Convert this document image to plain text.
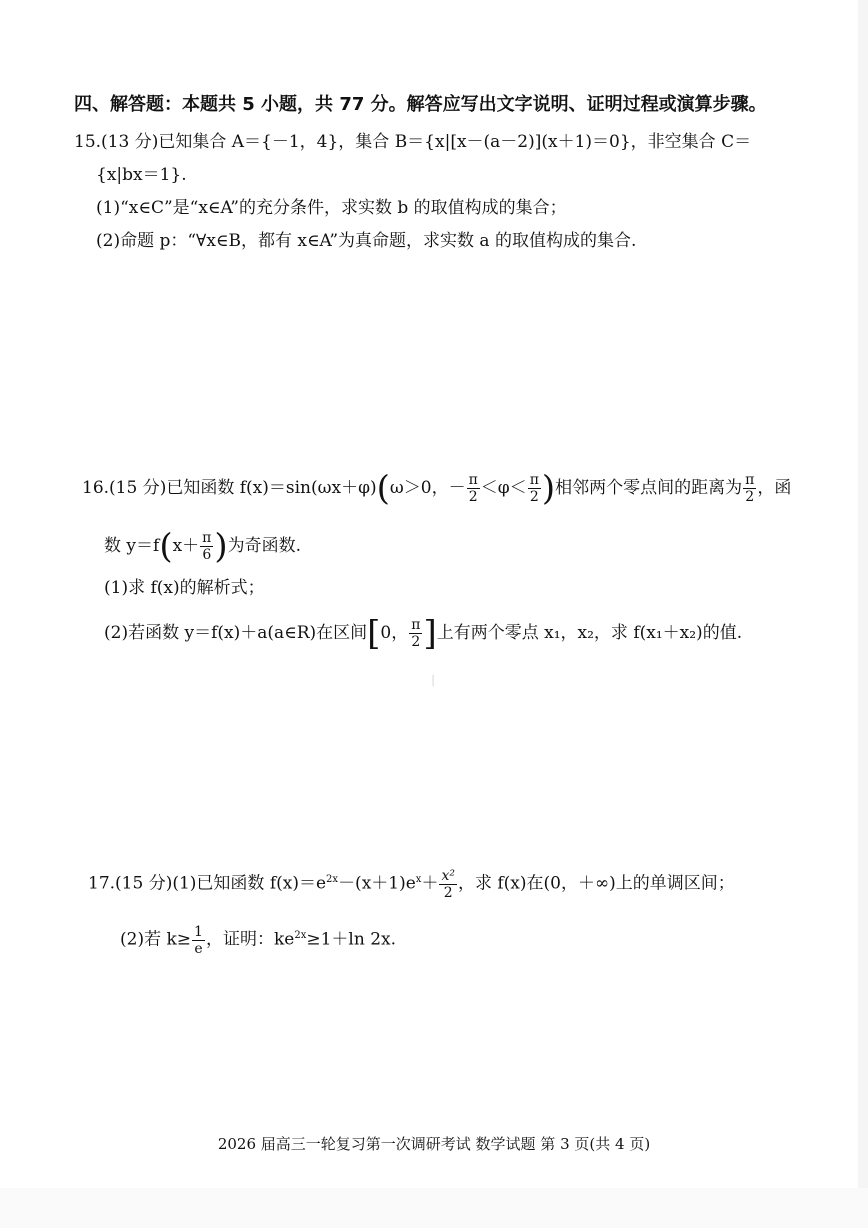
四、解答题：本题共 5 小题，共 77 分。解答应写出文字说明、证明过程或演算步骤。
15.(13 分)已知集合 A＝{－1，4}，集合 B＝{x|[x－(a－2)](x＋1)＝0}，非空集合 C＝
{x|bx＝1}.
(1)“x∈C”是“x∈A”的充分条件，求实数 b 的取值构成的集合；
(2)命题 p：“∀x∈B，都有 x∈A”为真命题，求实数 a 的取值构成的集合.
16.(15 分)已知函数 f(x)＝sin(ωx＋φ)(ω＞0，－ $\frac{\pi}{2} <\varphi< \frac{\pi}{2}$ )相邻两个零点间的距离为 $\frac{\pi}{2}$ ，函
数 $y=f(x+ \frac{\pi}{6}$ )为奇函数.
(1)求 f(x)的解析式；
(2)若函数 y＝f(x)＋a(a∈R)在区间[0， $\frac{\pi}{2}$ ]上有两个零点 x₁，x₂，求 f(x₁＋x₂)的值.
│
17.(15 分)(1)已知函数 $f(x)=e^{2x}-(x+1)e^x+ \frac{\text{x²}}{2}$ ，求 f(x)在(0，＋∞)上的单调区间；
(2)若 $k\ge \frac{1}{e}$ ，证明：$ke^{2x}\ge 1+\ln$ 2x.
2026 届高三一轮复习第一次调研考试 数学试题 第 3 页(共 4 页)
